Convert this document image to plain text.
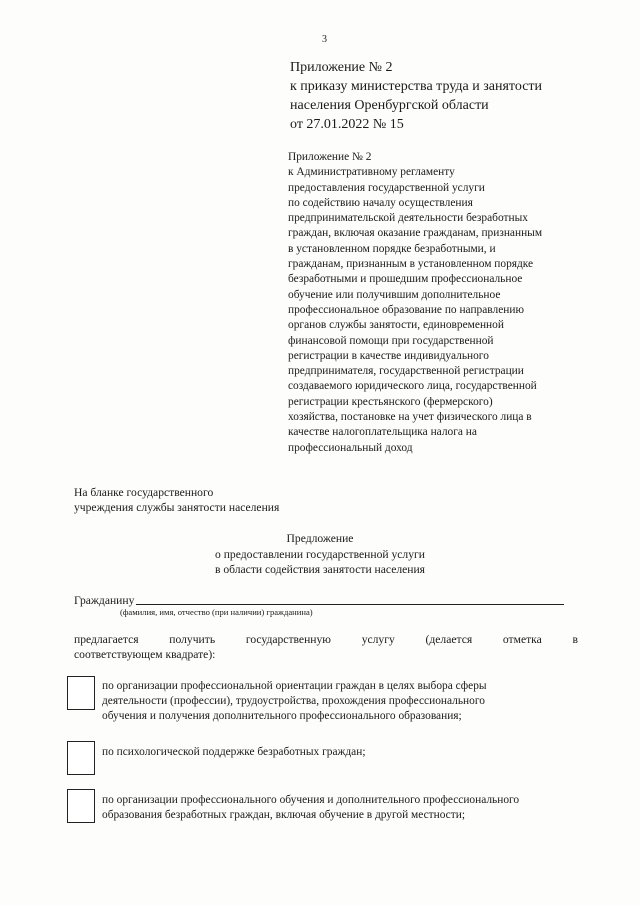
3
Приложение № 2
к приказу министерства труда и занятости
населения Оренбургской области
от 27.01.2022 № 15
Приложение № 2
к Административному регламенту
предоставления государственной услуги
по содействию началу осуществления
предпринимательской деятельности безработных
граждан, включая оказание гражданам, признанным
в установленном порядке безработными, и
гражданам, признанным в установленном порядке
безработными и прошедшим профессиональное
обучение или получившим дополнительное
профессиональное образование по направлению
органов службы занятости, единовременной
финансовой помощи при государственной
регистрации в качестве индивидуального
предпринимателя, государственной регистрации
создаваемого юридического лица, государственной
регистрации крестьянского (фермерского)
хозяйства, постановке на учет физического лица в
качестве налогоплательщика налога на
профессиональный доход
На бланке государственного
учреждения службы занятости населения
Предложение
о предоставлении государственной услуги
в области содействия занятости населения
Гражданину
(фамилия, имя, отчество (при наличии) гражданина)
предлагается	получить	государственную	услугу	(делается	отметка	в
соответствующем квадрате):
по организации профессиональной ориентации граждан в целях выбора сферы
деятельности (профессии), трудоустройства, прохождения профессионального
обучения и получения дополнительного профессионального образования;
по психологической поддержке безработных граждан;
по организации профессионального обучения и дополнительного профессионального
образования безработных граждан, включая обучение в другой местности;
